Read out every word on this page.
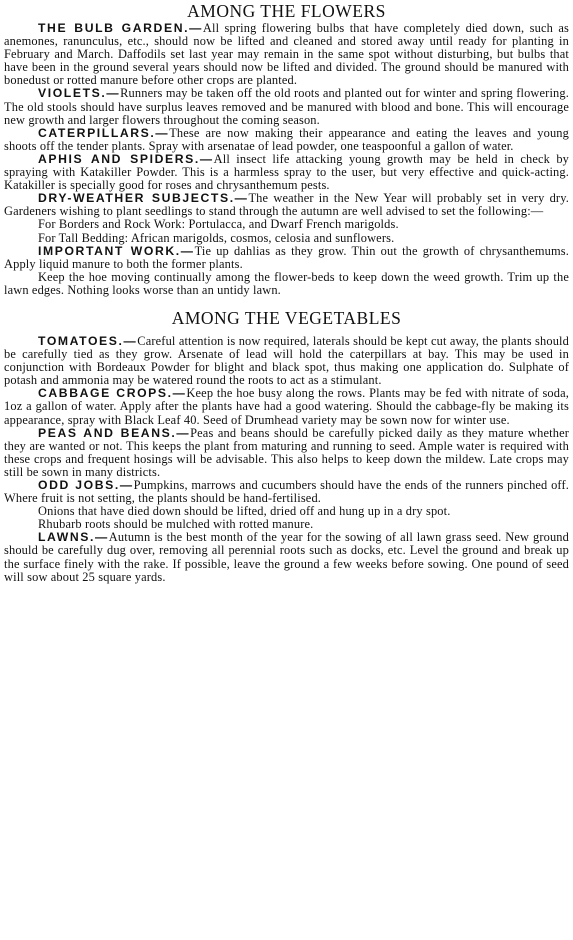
AMONG THE FLOWERS

THE BULB GARDEN.—All spring flowering bulbs that have completely died down, such as anemones, ranunculus, etc., should now be lifted and cleaned and stored away until ready for planting in February and March. Daffodils set last year may remain in the same spot without disturbing, but bulbs that have been in the ground several years should now be lifted and divided. The ground should be manured with bonedust or rotted manure before other crops are planted.

VIOLETS.—Runners may be taken off the old roots and planted out for winter and spring flowering. The old stools should have surplus leaves removed and be manured with blood and bone. This will encourage new growth and larger flowers throughout the coming season.

CATERPILLARS.—These are now making their appearance and eating the leaves and young shoots off the tender plants. Spray with arsenatae of lead powder, one teaspoonful a gallon of water.

APHIS AND SPIDERS.—All insect life attacking young growth may be held in check by spraying with Katakiller Powder. This is a harmless spray to the user, but very effective and quick-acting. Katakiller is specially good for roses and chrysanthemum pests.

DRY-WEATHER SUBJECTS.—The weather in the New Year will probably set in very dry. Gardeners wishing to plant seedlings to stand through the autumn are well advised to set the following:—

For Borders and Rock Work: Portulacca, and Dwarf French marigolds.

For Tall Bedding: African marigolds, cosmos, celosia and sunflowers.

IMPORTANT WORK.—Tie up dahlias as they grow. Thin out the growth of chrysanthemums. Apply liquid manure to both the former plants.

Keep the hoe moving continually among the flower-beds to keep down the weed growth. Trim up the lawn edges. Nothing looks worse than an untidy lawn.

AMONG THE VEGETABLES

TOMATOES.—Careful attention is now required, laterals should be kept cut away, the plants should be carefully tied as they grow. Arsenate of lead will hold the caterpillars at bay. This may be used in conjunction with Bordeaux Powder for blight and black spot, thus making one application do. Sulphate of potash and ammonia may be watered round the roots to act as a stimulant.

CABBAGE CROPS.—Keep the hoe busy along the rows. Plants may be fed with nitrate of soda, 1oz a gallon of water. Apply after the plants have had a good watering. Should the cabbage-fly be making its appearance, spray with Black Leaf 40. Seed of Drumhead variety may be sown now for winter use.

PEAS AND BEANS.—Peas and beans should be carefully picked daily as they mature whether they are wanted or not. This keeps the plant from maturing and running to seed. Ample water is required with these crops and frequent hosings will be advisable. This also helps to keep down the mildew. Late crops may still be sown in many districts.

ODD JOBS.—Pumpkins, marrows and cucumbers should have the ends of the runners pinched off. Where fruit is not setting, the plants should be hand-fertilised.

Onions that have died down should be lifted, dried off and hung up in a dry spot.

Rhubarb roots should be mulched with rotted manure.

LAWNS.—Autumn is the best month of the year for the sowing of all lawn grass seed. New ground should be carefully dug over, removing all perennial roots such as docks, etc. Level the ground and break up the surface finely with the rake. If possible, leave the ground a few weeks before sowing. One pound of seed will sow about 25 square yards.
